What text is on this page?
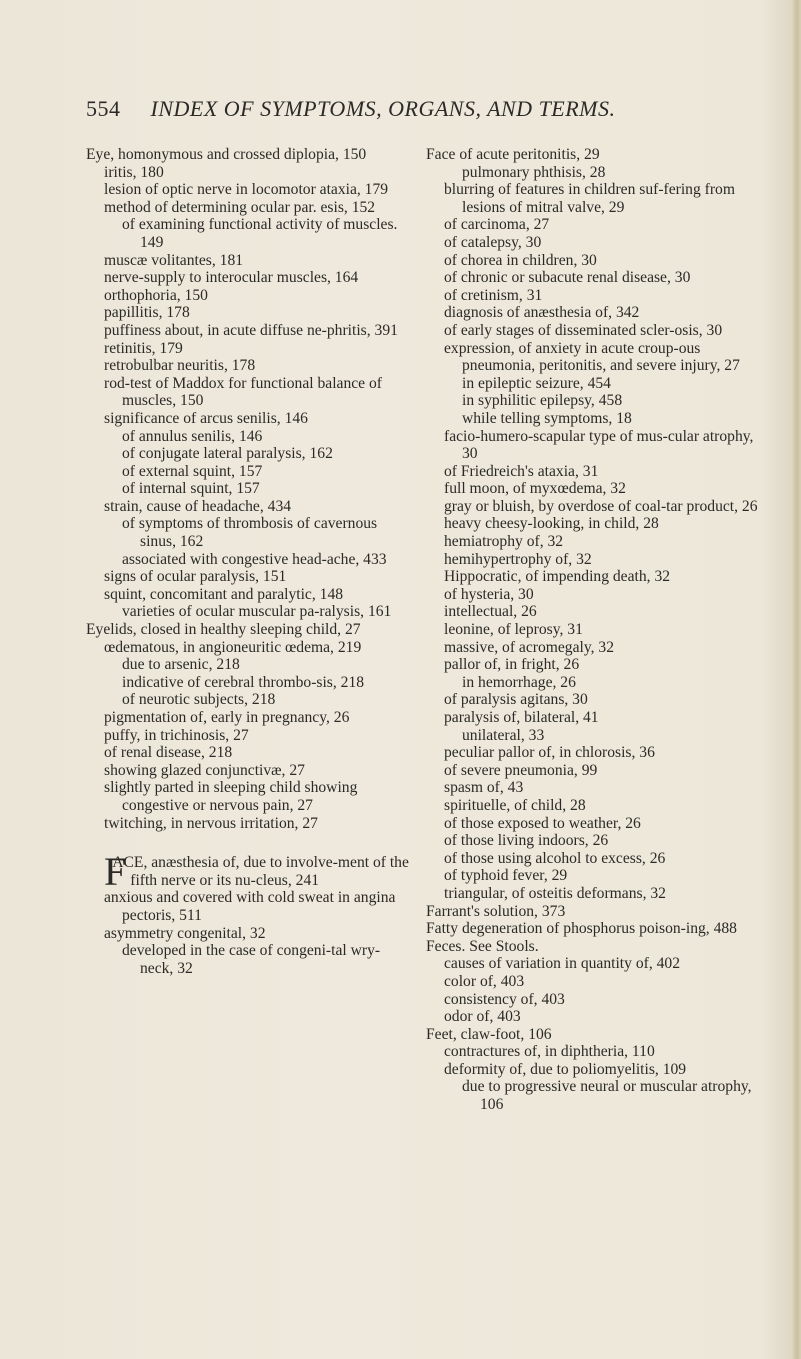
554 INDEX OF SYMPTOMS, ORGANS, AND TERMS.
Eye, homonymous and crossed diplopia, 150
iritis, 180
lesion of optic nerve in locomotor ataxia, 179
method of determining ocular par. esis, 152
of examining functional activity of muscles. 149
muscæ volitantes, 181
nerve-supply to interocular muscles, 164
orthophoria, 150
papillitis, 178
puffiness about, in acute diffuse ne-phritis, 391
retinitis, 179
retrobulbar neuritis, 178
rod-test of Maddox for functional balance of muscles, 150
significance of arcus senilis, 146
of annulus senilis, 146
of conjugate lateral paralysis, 162
of external squint, 157
of internal squint, 157
strain, cause of headache, 434
of symptoms of thrombosis of cavernous sinus, 162
associated with congestive head-ache, 433
signs of ocular paralysis, 151
squint, concomitant and paralytic, 148
varieties of ocular muscular pa-ralysis, 161
Eyelids, closed in healthy sleeping child, 27
œdematous, in angioneuritic œdema, 219
due to arsenic, 218
indicative of cerebral thrombo-sis, 218
of neurotic subjects, 218
pigmentation of, early in pregnancy, 26
puffy, in trichinosis, 27
of renal disease, 218
showing glazed conjunctivæ, 27
slightly parted in sleeping child showing congestive or nervous pain, 27
twitching, in nervous irritation, 27
F
ACE, anæsthesia of, due to involve-ment of the fifth nerve or its nu-cleus, 241
anxious and covered with cold sweat in angina pectoris, 511
asymmetry congenital, 32
developed in the case of congeni-tal wry-neck, 32
Face of acute peritonitis, 29
pulmonary phthisis, 28
blurring of features in children suf-fering from lesions of mitral valve, 29
of carcinoma, 27
of catalepsy, 30
of chorea in children, 30
of chronic or subacute renal disease, 30
of cretinism, 31
diagnosis of anæsthesia of, 342
of early stages of disseminated scler-osis, 30
expression, of anxiety in acute croup-ous pneumonia, peritonitis, and severe injury, 27
in epileptic seizure, 454
in syphilitic epilepsy, 458
while telling symptoms, 18
facio-humero-scapular type of mus-cular atrophy, 30
of Friedreich's ataxia, 31
full moon, of myxœdema, 32
gray or bluish, by overdose of coal-tar product, 26
heavy cheesy-looking, in child, 28
hemiatrophy of, 32
hemihypertrophy of, 32
Hippocratic, of impending death, 32
of hysteria, 30
intellectual, 26
leonine, of leprosy, 31
massive, of acromegaly, 32
pallor of, in fright, 26
in hemorrhage, 26
of paralysis agitans, 30
paralysis of, bilateral, 41
unilateral, 33
peculiar pallor of, in chlorosis, 36
of severe pneumonia, 99
spasm of, 43
spirituelle, of child, 28
of those exposed to weather, 26
of those living indoors, 26
of those using alcohol to excess, 26
of typhoid fever, 29
triangular, of osteitis deformans, 32
Farrant's solution, 373
Fatty degeneration of phosphorus poison-ing, 488
Feces. See Stools.
causes of variation in quantity of, 402
color of, 403
consistency of, 403
odor of, 403
Feet, claw-foot, 106
contractures of, in diphtheria, 110
deformity of, due to poliomyelitis, 109
due to progressive neural or muscular atrophy, 106
